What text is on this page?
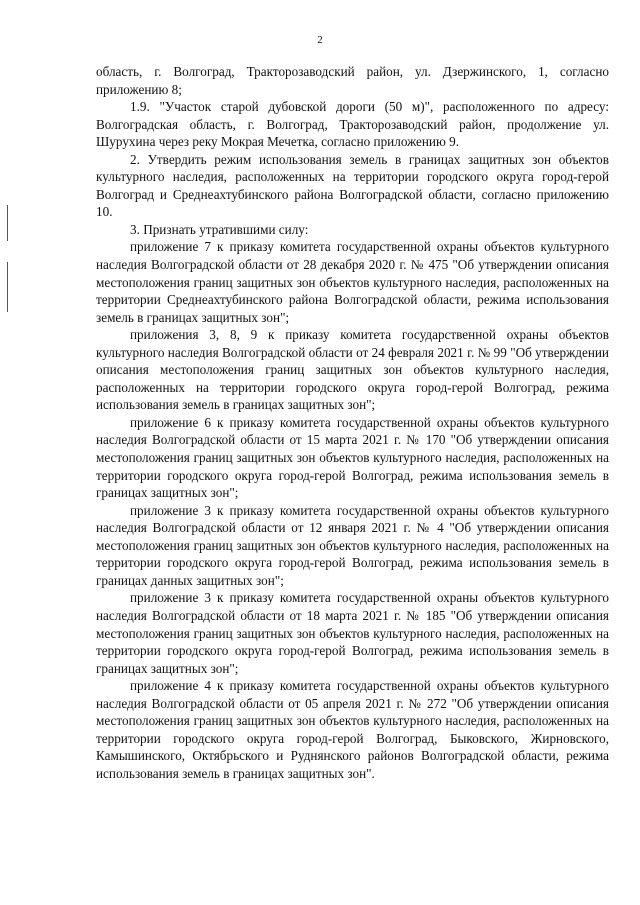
2

область, г. Волгоград, Тракторозаводский район, ул. Дзержинского, 1, согласно приложению 8;

1.9. "Участок старой дубовской дороги (50 м)", расположенного по адресу: Волгоградская область, г. Волгоград, Тракторозаводский район, продолжение ул. Шурухина через реку Мокрая Мечетка, согласно приложению 9.

2. Утвердить режим использования земель в границах защитных зон объектов культурного наследия, расположенных на территории городского округа город-герой Волгоград и Среднеахтубинского района Волгоградской области, согласно приложению 10.

3. Признать утратившими силу:

приложение 7 к приказу комитета государственной охраны объектов культурного наследия Волгоградской области от 28 декабря 2020 г. № 475 "Об утверждении описания местоположения границ защитных зон объектов культурного наследия, расположенных на территории Среднеахтубинского района Волгоградской области, режима использования земель в границах защитных зон";

приложения 3, 8, 9 к приказу комитета государственной охраны объектов культурного наследия Волгоградской области от 24 февраля 2021 г. № 99 "Об утверждении описания местоположения границ защитных зон объектов культурного наследия, расположенных на территории городского округа город-герой Волгоград, режима использования земель в границах защитных зон";

приложение 6 к приказу комитета государственной охраны объектов культурного наследия Волгоградской области от 15 марта 2021 г. № 170 "Об утверждении описания местоположения границ защитных зон объектов культурного наследия, расположенных на территории городского округа город-герой Волгоград, режима использования земель в границах защитных зон";

приложение 3 к приказу комитета государственной охраны объектов культурного наследия Волгоградской области от 12 января 2021 г. № 4 "Об утверждении описания местоположения границ защитных зон объектов культурного наследия, расположенных на территории городского округа город-герой Волгоград, режима использования земель в границах данных защитных зон";

приложение 3 к приказу комитета государственной охраны объектов культурного наследия Волгоградской области от 18 марта 2021 г. № 185 "Об утверждении описания местоположения границ защитных зон объектов культурного наследия, расположенных на территории городского округа город-герой Волгоград, режима использования земель в границах защитных зон";

приложение 4 к приказу комитета государственной охраны объектов культурного наследия Волгоградской области от 05 апреля 2021 г. № 272 "Об утверждении описания местоположения границ защитных зон объектов культурного наследия, расположенных на территории городского округа город-герой Волгоград, Быковского, Жирновского, Камышинского, Октябрьского и Руднянского районов Волгоградской области, режима использования земель в границах защитных зон".
